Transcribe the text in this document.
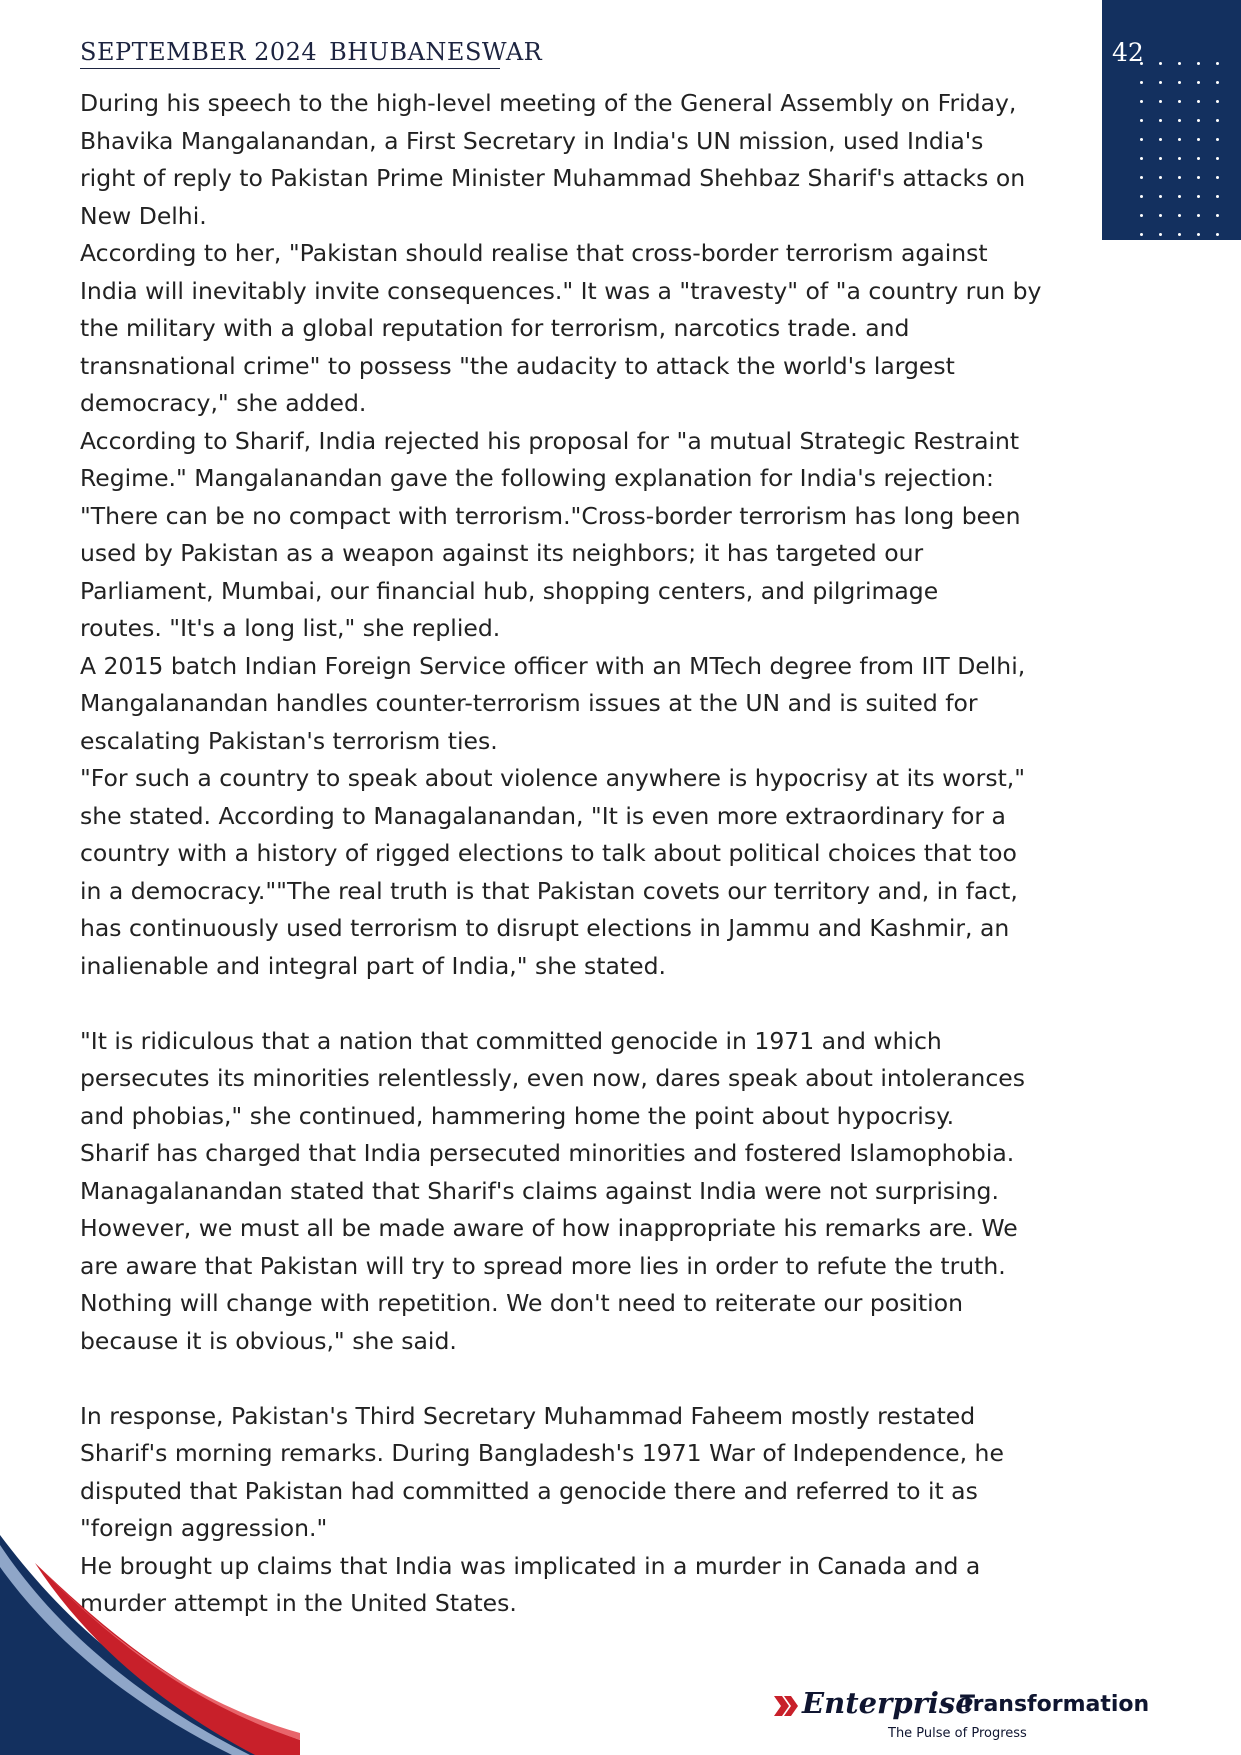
SEPTEMBER 2024 BHUBANESWAR	42

During his speech to the high-level meeting of the General Assembly on Friday,
Bhavika Mangalanandan, a First Secretary in India's UN mission, used India's
right of reply to Pakistan Prime Minister Muhammad Shehbaz Sharif's attacks on
New Delhi.

According to her, "Pakistan should realise that cross-border terrorism against
India will inevitably invite consequences." It was a "travesty" of "a country run by
the military with a global reputation for terrorism, narcotics trade. and
transnational crime" to possess "the audacity to attack the world's largest
democracy," she added.

According to Sharif, India rejected his proposal for "a mutual Strategic Restraint
Regime." Mangalanandan gave the following explanation for India's rejection:
"There can be no compact with terrorism."Cross-border terrorism has long been
used by Pakistan as a weapon against its neighbors; it has targeted our
Parliament, Mumbai, our financial hub, shopping centers, and pilgrimage
routes. "It's a long list," she replied.

A 2015 batch Indian Foreign Service officer with an MTech degree from IIT Delhi,
Mangalanandan handles counter-terrorism issues at the UN and is suited for
escalating Pakistan's terrorism ties.

"For such a country to speak about violence anywhere is hypocrisy at its worst,"
she stated. According to Managalanandan, "It is even more extraordinary for a
country with a history of rigged elections to talk about political choices that too
in a democracy.""The real truth is that Pakistan covets our territory and, in fact,
has continuously used terrorism to disrupt elections in Jammu and Kashmir, an
inalienable and integral part of India," she stated.

"It is ridiculous that a nation that committed genocide in 1971 and which
persecutes its minorities relentlessly, even now, dares speak about intolerances
and phobias," she continued, hammering home the point about hypocrisy.
Sharif has charged that India persecuted minorities and fostered Islamophobia.
Managalanandan stated that Sharif's claims against India were not surprising.
However, we must all be made aware of how inappropriate his remarks are. We
are aware that Pakistan will try to spread more lies in order to refute the truth.
Nothing will change with repetition. We don't need to reiterate our position
because it is obvious," she said.

In response, Pakistan's Third Secretary Muhammad Faheem mostly restated
Sharif's morning remarks. During Bangladesh's 1971 War of Independence, he
disputed that Pakistan had committed a genocide there and referred to it as
"foreign aggression."

He brought up claims that India was implicated in a murder in Canada and a
murder attempt in the United States.

Enterprise
Transformation
The Pulse of Progress
